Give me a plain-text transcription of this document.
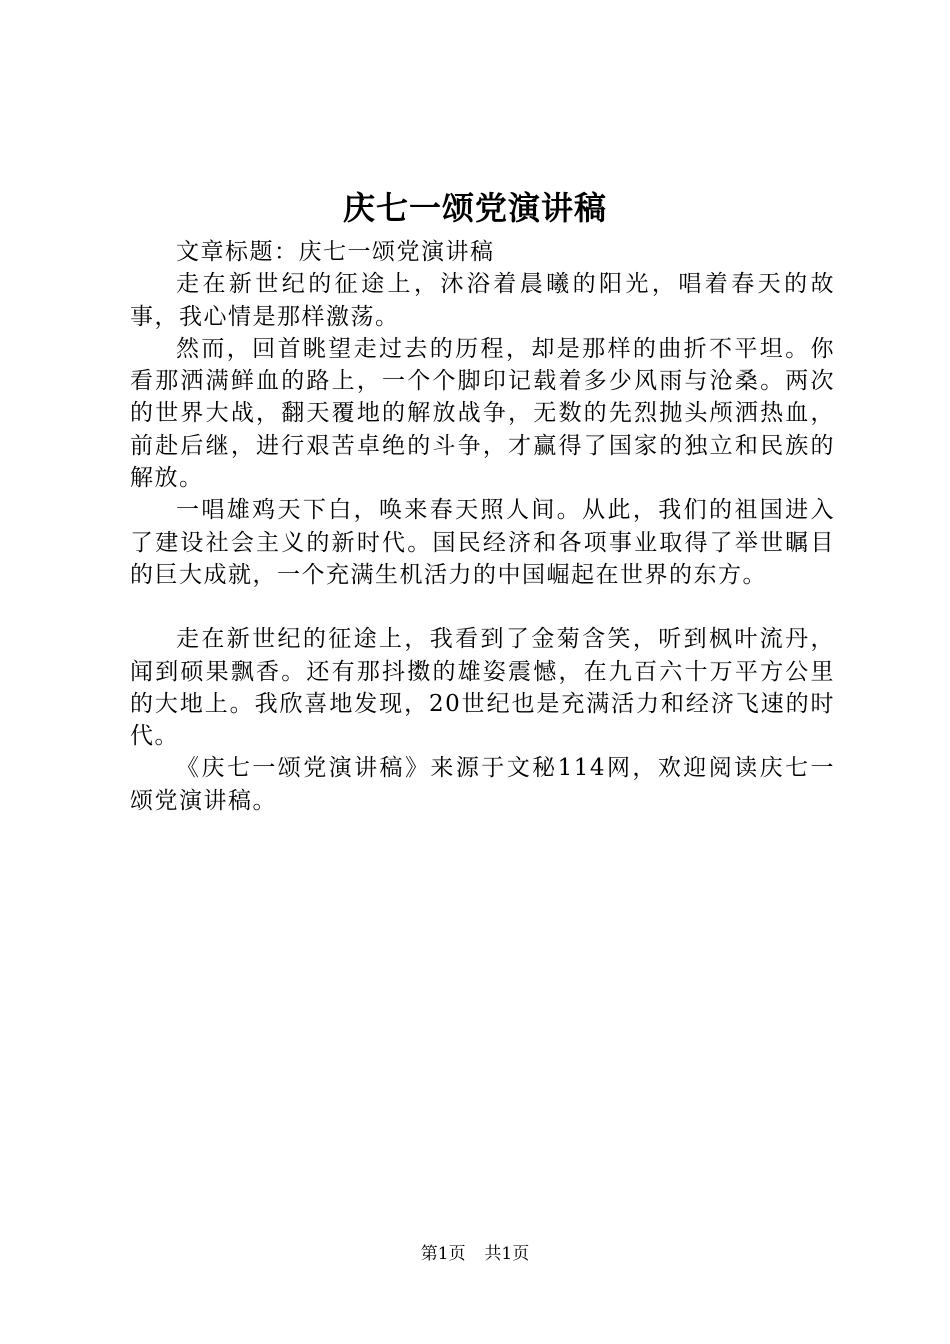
庆七一颂党演讲稿

文章标题：庆七一颂党演讲稿

走在新世纪的征途上，沐浴着晨曦的阳光，唱着春天的故事，我心情是那样激荡。

然而，回首眺望走过去的历程，却是那样的曲折不平坦。你看那洒满鲜血的路上，一个个脚印记载着多少风雨与沧桑。两次的世界大战，翻天覆地的解放战争，无数的先烈抛头颅洒热血，前赴后继，进行艰苦卓绝的斗争，才赢得了国家的独立和民族的解放。

一唱雄鸡天下白，唤来春天照人间。从此，我们的祖国进入了建设社会主义的新时代。国民经济和各项事业取得了举世瞩目的巨大成就，一个充满生机活力的中国崛起在世界的东方。

走在新世纪的征途上，我看到了金菊含笑，听到枫叶流丹，闻到硕果飘香。还有那抖擞的雄姿震憾，在九百六十万平方公里的大地上。我欣喜地发现，20世纪也是充满活力和经济飞速的时代。

《庆七一颂党演讲稿》来源于文秘114网，欢迎阅读庆七一颂党演讲稿。

第1页 共1页
